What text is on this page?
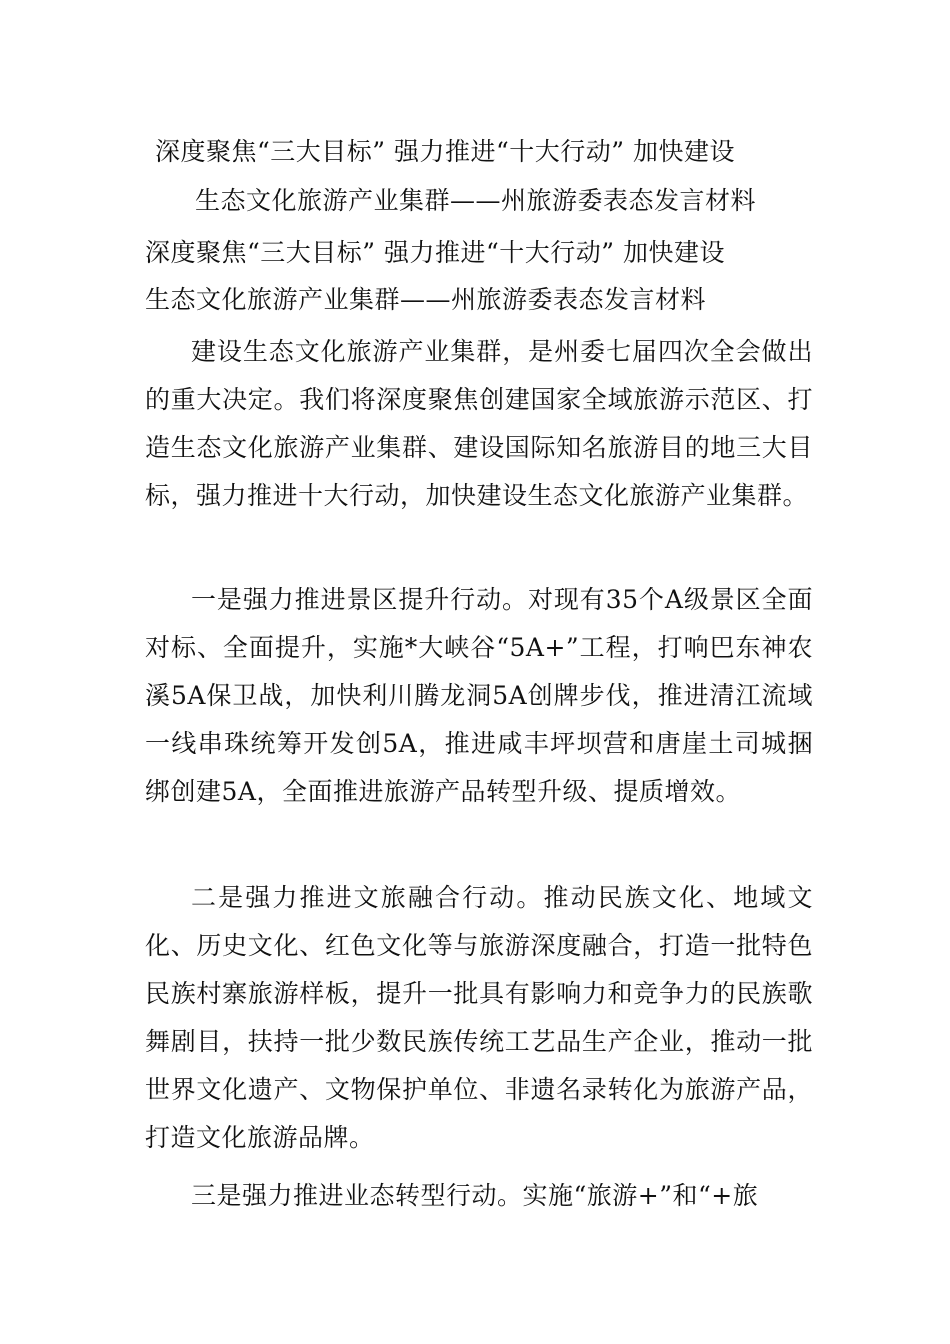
深度聚焦“三大目标” 强力推进“十大行动” 加快建设
生态文化旅游产业集群——州旅游委表态发言材料
深度聚焦“三大目标” 强力推进“十大行动” 加快建设
生态文化旅游产业集群——州旅游委表态发言材料

建设生态文化旅游产业集群，是州委七届四次全会做出的重大决定。我们将深度聚焦创建国家全域旅游示范区、打造生态文化旅游产业集群、建设国际知名旅游目的地三大目标，强力推进十大行动，加快建设生态文化旅游产业集群。

一是强力推进景区提升行动。对现有35个A级景区全面对标、全面提升，实施*大峡谷“5A+”工程，打响巴东神农溪5A保卫战，加快利川腾龙洞5A创牌步伐，推进清江流域一线串珠统筹开发创5A，推进咸丰坪坝营和唐崖土司城捆绑创建5A，全面推进旅游产品转型升级、提质增效。

二是强力推进文旅融合行动。推动民族文化、地域文化、历史文化、红色文化等与旅游深度融合，打造一批特色民族村寨旅游样板，提升一批具有影响力和竞争力的民族歌舞剧目，扶持一批少数民族传统工艺品生产企业，推动一批世界文化遗产、文物保护单位、非遗名录转化为旅游产品，打造文化旅游品牌。

三是强力推进业态转型行动。实施“旅游+”和“+旅
